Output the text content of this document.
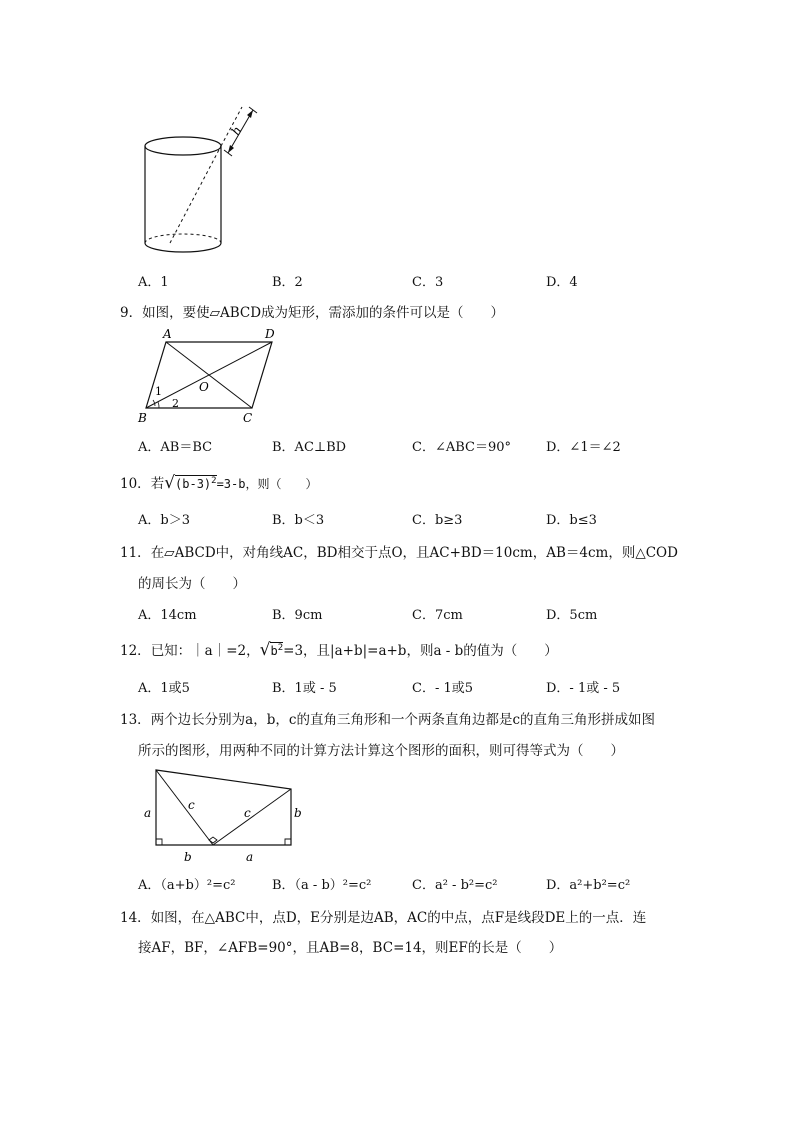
h
A．1	B．2	C．3	D．4
9．如图，要使▱ABCD成为矩形，需添加的条件可以是（　　）
A	D
B	C
O
1
2
A．AB＝BC	B．AC⊥BD	C．∠ABC＝90°	D．∠1＝∠2
10．若$√(b-3)^2=3-b$，则（　　）
A．b＞3	B．b＜3	C．b≥3	D．b≤3
11．在▱ABCD中，对角线AC，BD相交于点O，且AC+BD＝10cm，AB＝4cm，则△COD
的周长为（　　）
A．14cm	B．9cm	C．7cm	D．5cm
12．已知：｜a｜=2，$√b^2=3$，且|a+b|=a+b，则a - b的值为（　　）
A．1或5	B．1或 - 5	C．- 1或5	D．- 1或 - 5
13．两个边长分别为a，b，c的直角三角形和一个两条直角边都是c的直角三角形拼成如图
所示的图形，用两种不同的计算方法计算这个图形的面积，则可得等式为（　　）
a	b
c
c
b	a
A．（a+b）²=c²	B．（a - b）²=c²	C．a² - b²=c²	D．a²+b²=c²
14．如图，在△ABC中，点D，E分别是边AB，AC的中点，点F是线段DE上的一点．连
接AF，BF，∠AFB=90°，且AB=8，BC=14，则EF的长是（　　）
